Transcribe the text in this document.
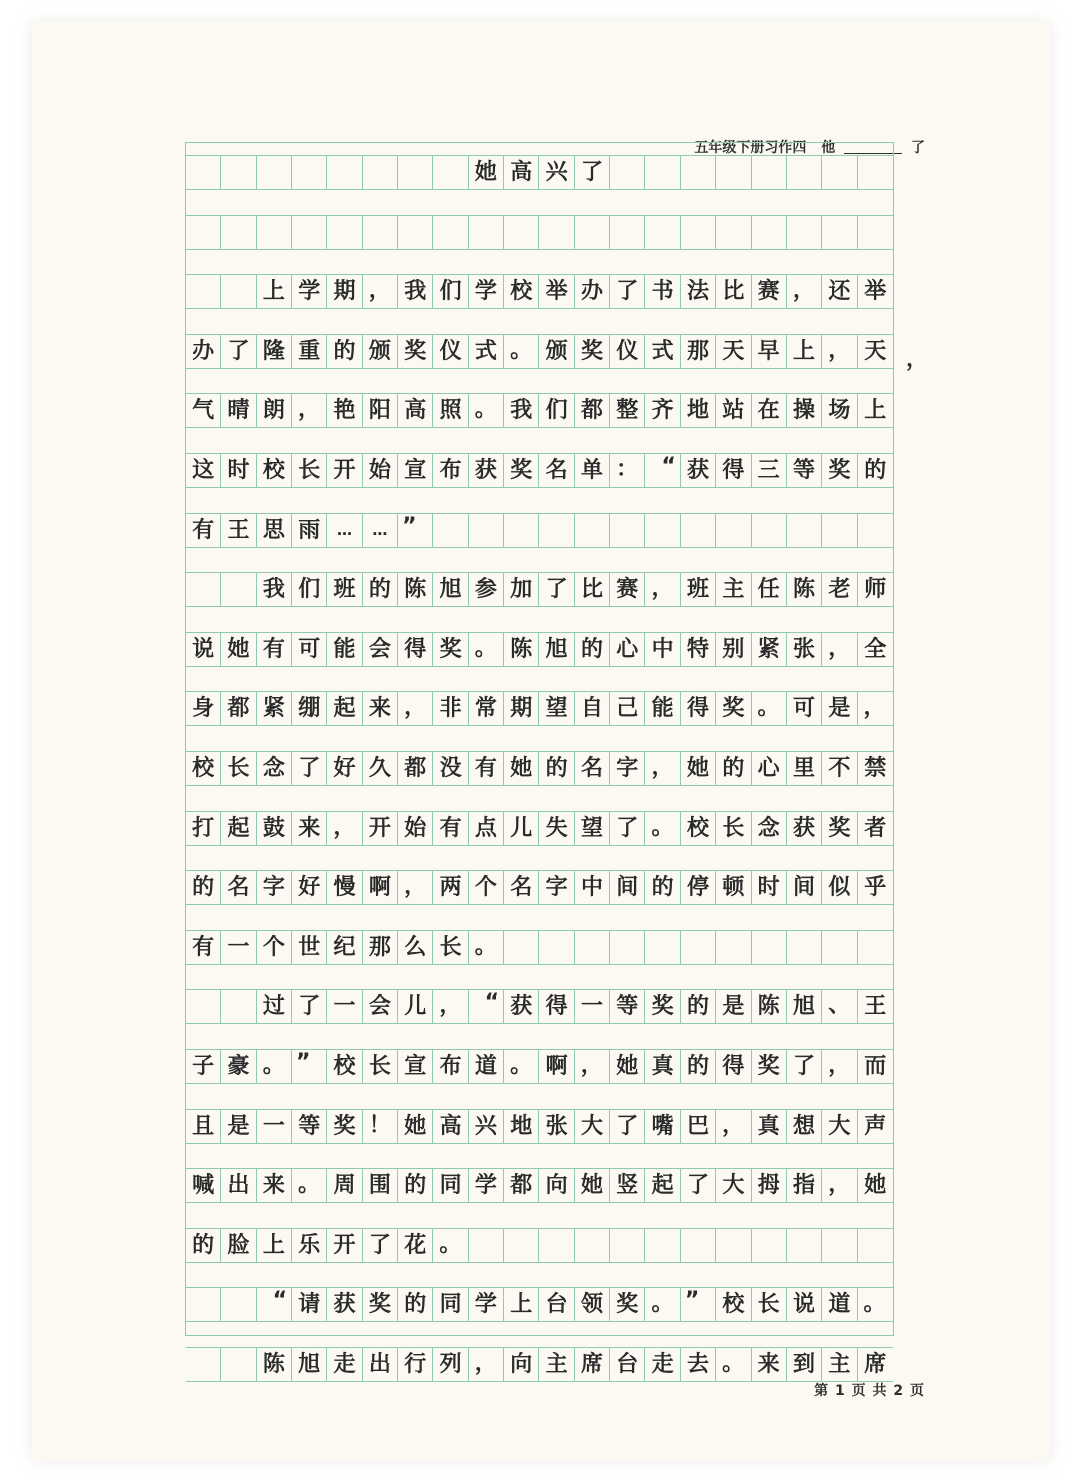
五年级下册习作四 他	了
第 1 页 共 2 页
她 高 兴 了
上 学 期 ， 我 们 学 校 举 办 了 书 法 比 赛 ， 还 举
办 了 隆 重 的 颁 奖 仪 式 。 颁 奖 仪 式 那 天 早 上 ， 天
气 晴 朗 ， 艳 阳 高 照 。 我 们 都 整 齐 地 站 在 操 场 上
这 时 校 长 开 始 宣 布 获 奖 名 单 ：	“ 获 得 三 等 奖 的
有 王 思 雨	…	… ”
我 们 班 的 陈 旭 参 加 了 比 赛 ， 班 主 任 陈 老 师
说 她 有 可 能 会 得 奖 。 陈 旭 的 心 中 特 别 紧 张 ， 全
身 都 紧 绷 起 来 ， 非 常 期 望 自 己 能 得 奖 。 可 是 ，
校 长 念 了 好 久 都 没 有 她 的 名 字 ， 她 的 心 里 不 禁
打 起 鼓 来 ， 开 始 有 点 儿 失 望 了 。 校 长 念 获 奖 者
的 名 字 好 慢 啊 ， 两 个 名 字 中 间 的 停 顿 时 间 似 乎
有 一 个 世 纪 那 么 长 。
过 了 一 会 儿 ，	“ 获 得 一 等 奖 的 是 陈 旭 、 王
子 豪 。 ”	校 长 宣 布 道 。 啊 ， 她 真 的 得 奖 了 ， 而
且 是 一 等 奖 ！ 她 高 兴 地 张 大 了 嘴 巴 ， 真 想 大 声
喊 出 来 。 周 围 的 同 学 都 向 她 竖 起 了 大 拇 指 ， 她
的 脸 上 乐 开 了 花 。
“ 请 获 奖 的 同 学 上 台 领 奖 。 ”	校 长 说 道 。
陈 旭 走 出 行 列 ， 向 主 席 台 走 去 。 来 到 主 席
，
